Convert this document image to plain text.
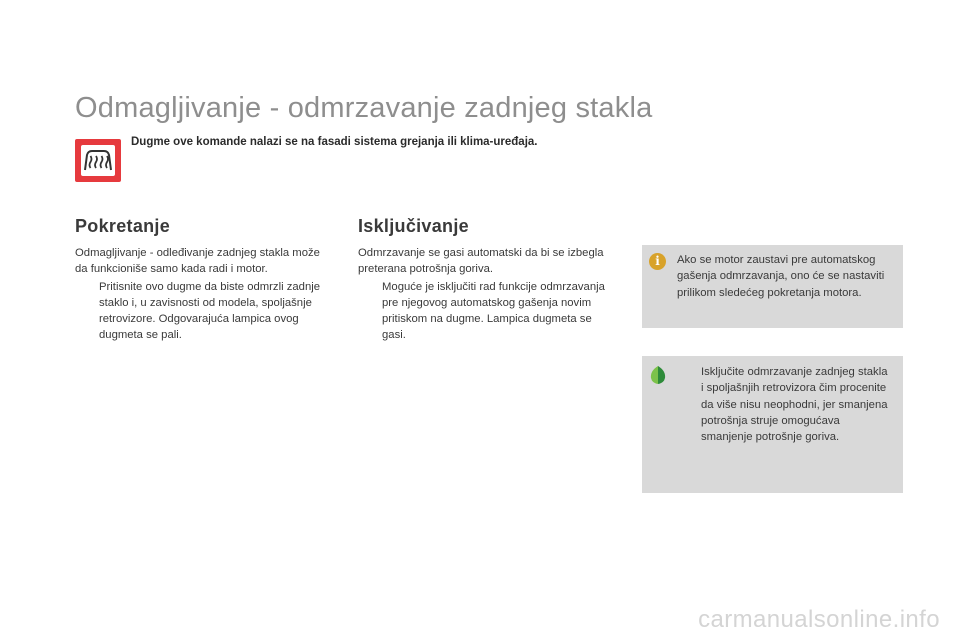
Odmagljivanje - odmrzavanje zadnjeg stakla
Dugme ove komande nalazi se na fasadi sistema grejanja ili klima-uređaja.
Pokretanje

Odmagljivanje - odleđivanje zadnjeg stakla može da funkcioniše samo kada radi i motor.

Pritisnite ovo dugme da biste odmrzli zadnje staklo i, u zavisnosti od modela, spoljašnje retrovizore. Odgovarajuća lampica ovog dugmeta se pali.
Isključivanje

Odmrzavanje se gasi automatski da bi se izbegla preterana potrošnja goriva.

Moguće je isključiti rad funkcije odmrzavanja pre njegovog automatskog gašenja novim pritiskom na dugme. Lampica dugmeta se gasi.
i	Ako se motor zaustavi pre automatskog gašenja odmrzavanja, ono će se nastaviti prilikom sledećeg pokretanja motora.
Isključite odmrzavanje zadnjeg stakla i spoljašnjih retrovizora čim procenite da više nisu neophodni, jer smanjena potrošnja struje omogućava smanjenje potrošnje goriva.
carmanualsonline.info
